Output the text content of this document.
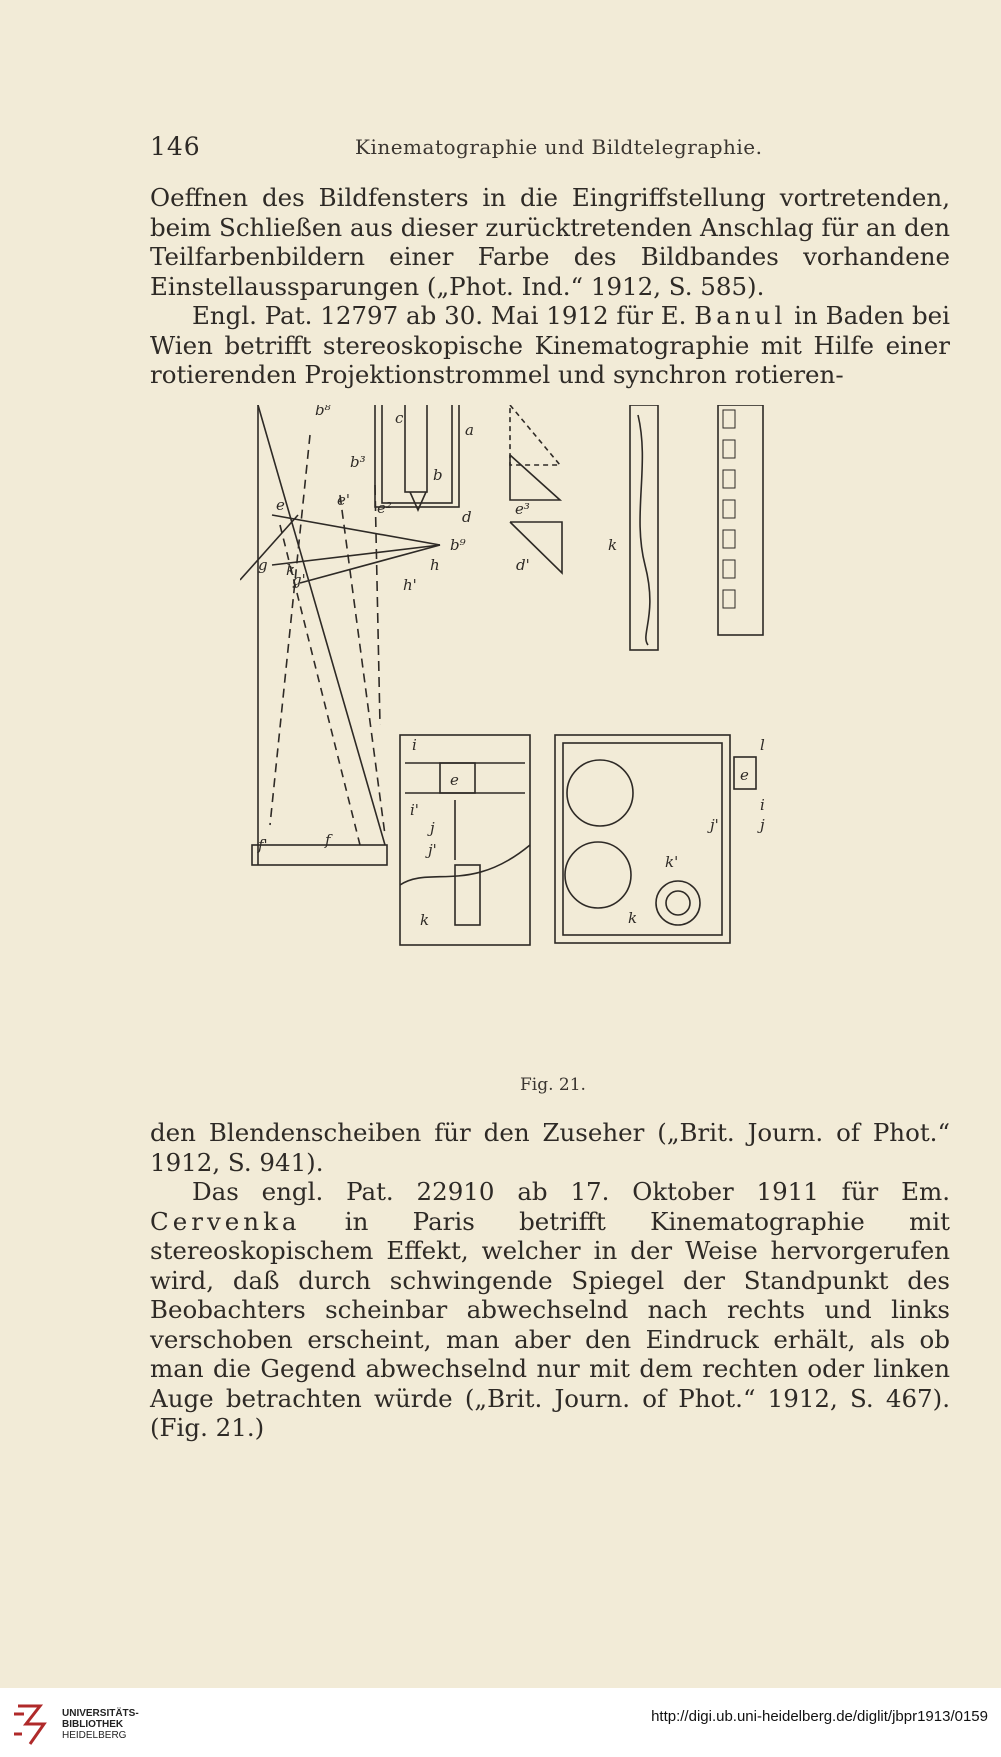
146	Kinematographie und Bildtelegraphie.

Oeffnen des Bildfensters in die Eingriffstellung vortretenden, beim Schließen aus dieser zurücktretenden Anschlag für an den Teilfarbenbildern einer Farbe des Bildbandes vorhandene Einstellaussparungen („Phot. Ind.“ 1912, S. 585).

Engl. Pat. 12797 ab 30. Mai 1912 für E. Banul in Baden bei Wien betrifft stereoskopische Kinematographie mit Hilfe einer rotierenden Projektionstrommel und synchron rotieren-

b⁸	c
a
b³
b
e	e' e²	d
b⁹
e³
d'
g
g'	h'
h
k
k
f'	f
i
e
i'
j
j'
k
l
e
i
j
j'
k'
k
Fig. 21.

den Blendenscheiben für den Zuseher („Brit. Journ. of Phot.“ 1912, S. 941).

Das engl. Pat. 22910 ab 17. Oktober 1911 für Em. Cervenka in Paris betrifft Kinematographie mit stereoskopischem Effekt, welcher in der Weise hervorgerufen wird, daß durch schwingende Spiegel der Standpunkt des Beobachters scheinbar abwechselnd nach rechts und links verschoben erscheint, man aber den Eindruck erhält, als ob man die Gegend abwechselnd nur mit dem rechten oder linken Auge betrachten würde („Brit. Journ. of Phot.“ 1912, S. 467). (Fig. 21.)

UNIVERSITÄTS-
BIBLIOTHEK
HEIDELBERG
http://digi.ub.uni-heidelberg.de/diglit/jbpr1913/0159
